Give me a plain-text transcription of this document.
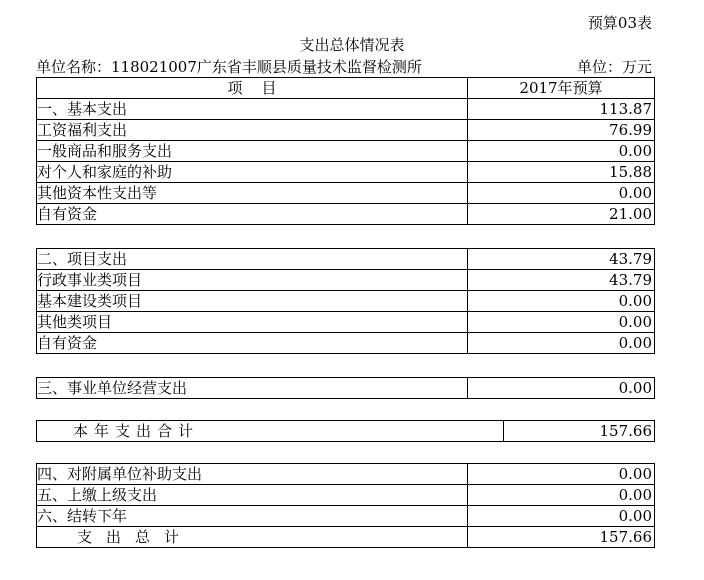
预算03表
支出总体情况表
单位名称：118021007广东省丰顺县质量技术监督检测所	单位：万元
项    目	2017年预算
一、基本支出	113.87
工资福利支出	76.99
一般商品和服务支出	0.00
对个人和家庭的补助	15.88
其他资本性支出等	0.00
自有资金	21.00
二、项目支出	43.79
行政事业类项目	43.79
基本建设类项目	0.00
其他类项目	0.00
自有资金	0.00
三、事业单位经营支出	0.00
本年支出合计	157.66
四、对附属单位补助支出	0.00
五、上缴上级支出	0.00
六、结转下年	0.00
支出总计	157.66
